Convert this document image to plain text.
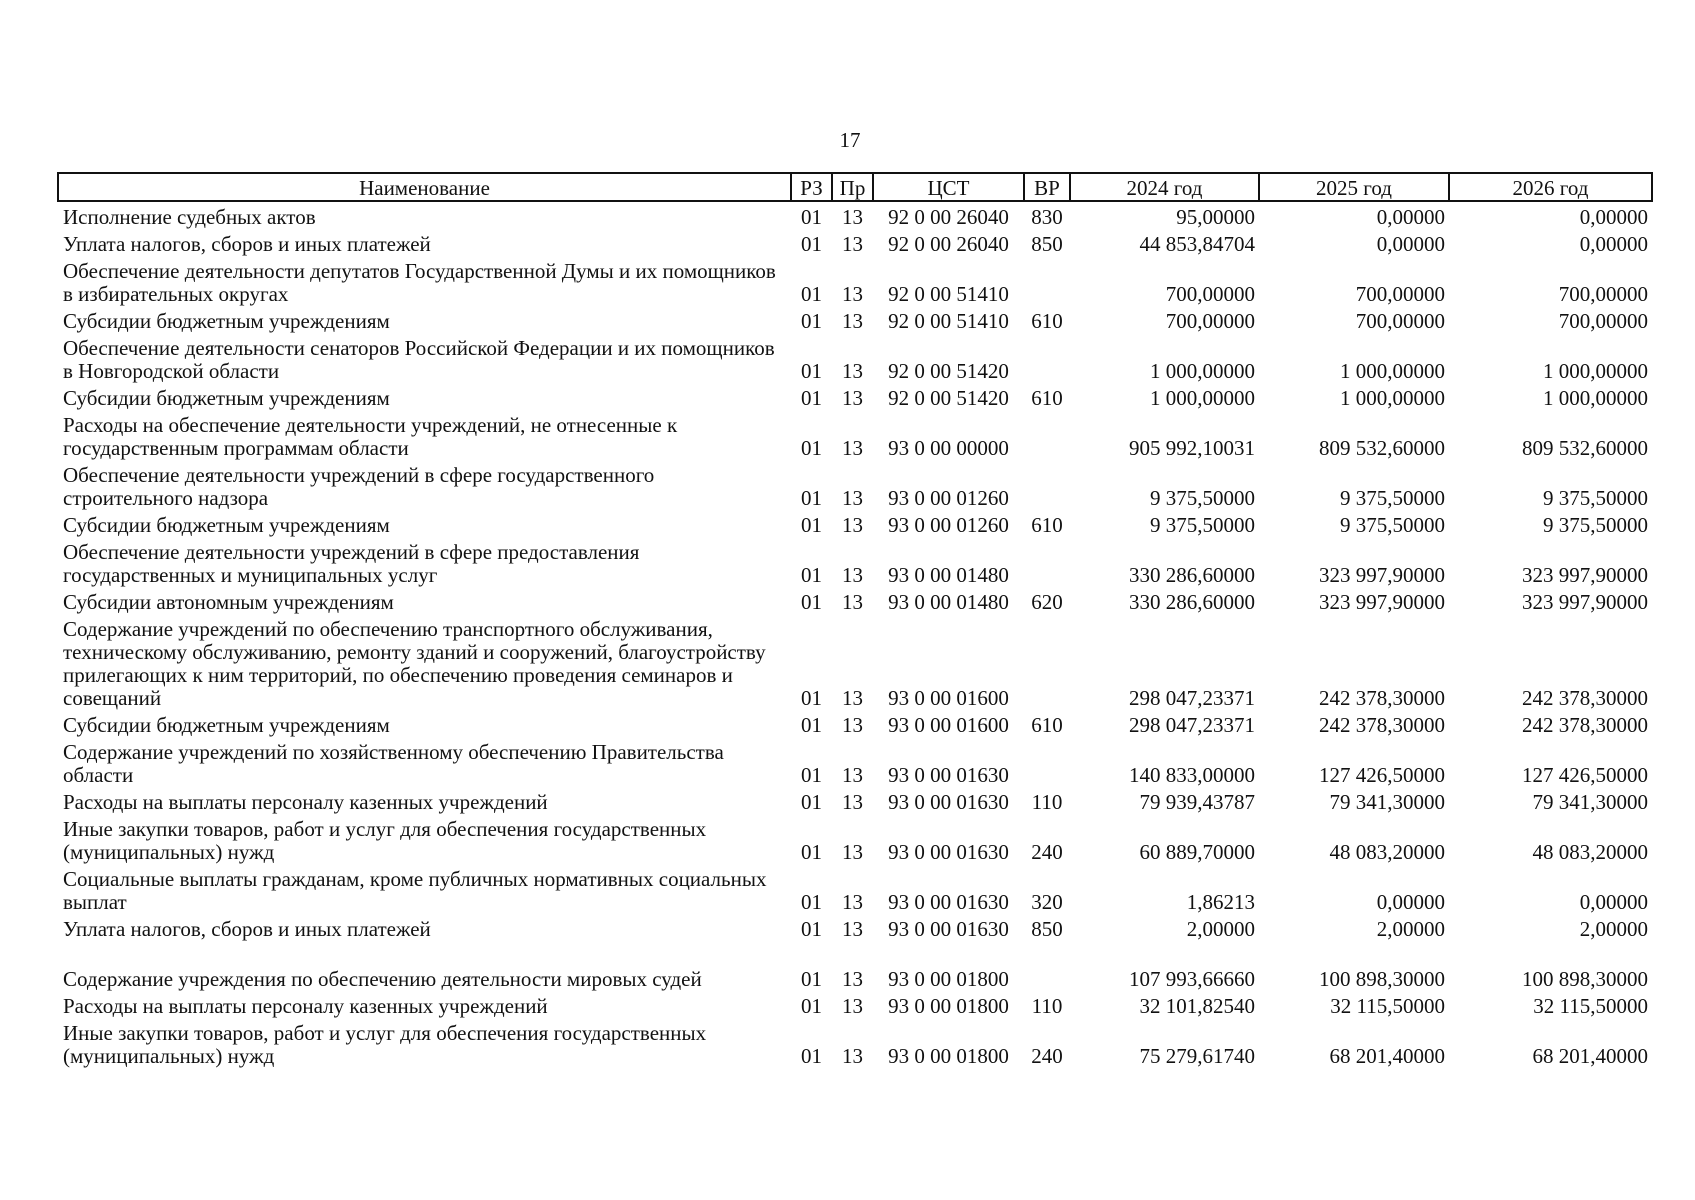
17
Наименование	РЗ	Пр	ЦСТ	ВР	2024 год	2025 год	2026 год
Исполнение судебных актов	01	13	92 0 00 26040	830	95,00000	0,00000	0,00000
Уплата налогов, сборов и иных платежей	01	13	92 0 00 26040	850	44 853,84704	0,00000	0,00000
Обеспечение деятельности депутатов Государственной Думы и их помощников в избирательных округах	01	13	92 0 00 51410		700,00000	700,00000	700,00000
Субсидии бюджетным учреждениям	01	13	92 0 00 51410	610	700,00000	700,00000	700,00000
Обеспечение деятельности сенаторов Российской Федерации и их помощников в Новгородской области	01	13	92 0 00 51420		1 000,00000	1 000,00000	1 000,00000
Субсидии бюджетным учреждениям	01	13	92 0 00 51420	610	1 000,00000	1 000,00000	1 000,00000
Расходы на обеспечение деятельности учреждений, не отнесенные к государственным программам области	01	13	93 0 00 00000		905 992,10031	809 532,60000	809 532,60000
Обеспечение деятельности учреждений в сфере государственного строительного надзора	01	13	93 0 00 01260		9 375,50000	9 375,50000	9 375,50000
Субсидии бюджетным учреждениям	01	13	93 0 00 01260	610	9 375,50000	9 375,50000	9 375,50000
Обеспечение деятельности учреждений в сфере предоставления государственных и муниципальных услуг	01	13	93 0 00 01480		330 286,60000	323 997,90000	323 997,90000
Субсидии автономным учреждениям	01	13	93 0 00 01480	620	330 286,60000	323 997,90000	323 997,90000
Содержание учреждений по обеспечению транспортного обслуживания, техническому обслуживанию, ремонту зданий и сооружений, благоустройству прилегающих к ним территорий, по обеспечению проведения семинаров и совещаний	01	13	93 0 00 01600		298 047,23371	242 378,30000	242 378,30000
Субсидии бюджетным учреждениям	01	13	93 0 00 01600	610	298 047,23371	242 378,30000	242 378,30000
Содержание учреждений по хозяйственному обеспечению Правительства области	01	13	93 0 00 01630		140 833,00000	127 426,50000	127 426,50000
Расходы на выплаты персоналу казенных учреждений	01	13	93 0 00 01630	110	79 939,43787	79 341,30000	79 341,30000
Иные закупки товаров, работ и услуг для обеспечения государственных (муниципальных) нужд	01	13	93 0 00 01630	240	60 889,70000	48 083,20000	48 083,20000
Социальные выплаты гражданам, кроме публичных нормативных социальных выплат	01	13	93 0 00 01630	320	1,86213	0,00000	0,00000
Уплата налогов, сборов и иных платежей	01	13	93 0 00 01630	850	2,00000	2,00000	2,00000
Содержание учреждения по обеспечению деятельности мировых судей	01	13	93 0 00 01800		107 993,66660	100 898,30000	100 898,30000
Расходы на выплаты персоналу казенных учреждений	01	13	93 0 00 01800	110	32 101,82540	32 115,50000	32 115,50000
Иные закупки товаров, работ и услуг для обеспечения государственных (муниципальных) нужд	01	13	93 0 00 01800	240	75 279,61740	68 201,40000	68 201,40000
